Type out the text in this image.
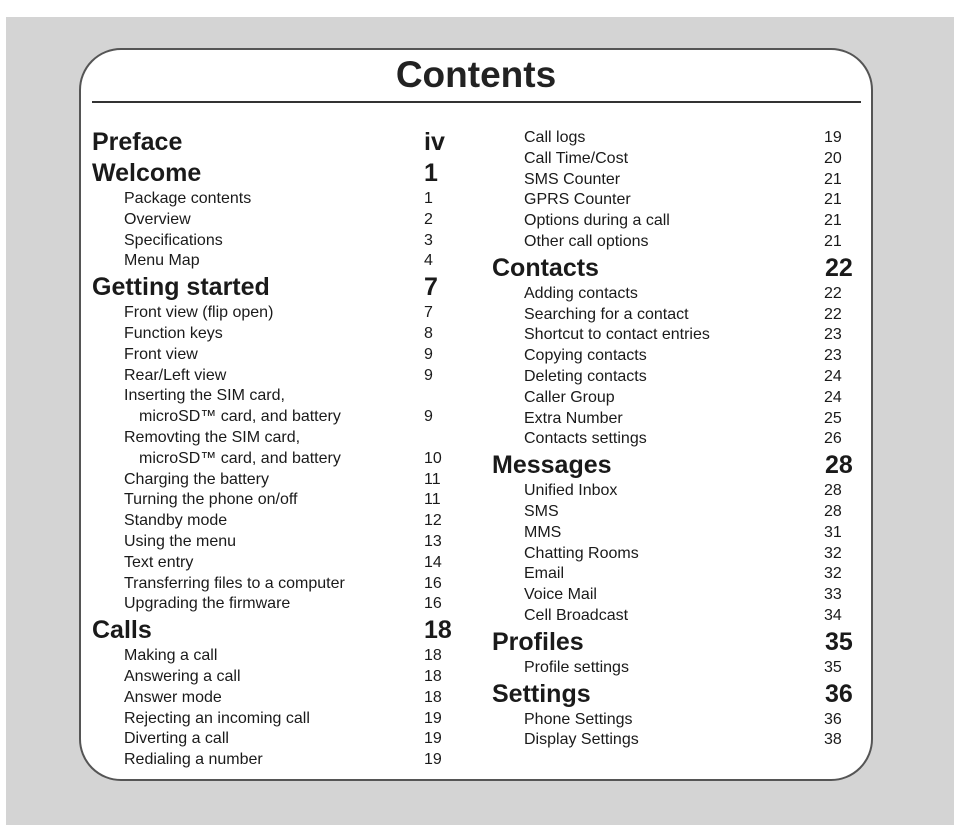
Contents
Preface	iv
Welcome	1
Package contents	1
Overview	2
Specifications	3
Menu Map	4
Getting started	7
Front view (flip open)	7
Function keys	8
Front view	9
Rear/Left view	9
Inserting the SIM card,
microSD™ card, and battery	9
Removting the SIM card,
microSD™ card, and battery	10
Charging the battery	11
Turning the phone on/off	11
Standby mode	12
Using the menu	13
Text entry	14
Transferring files to a computer	16
Upgrading the firmware	16
Calls	18
Making a call	18
Answering a call	18
Answer mode	18
Rejecting an incoming call	19
Diverting a call	19
Redialing a number	19
Call logs	19
Call Time/Cost	20
SMS Counter	21
GPRS Counter	21
Options during a call	21
Other call options	21
Contacts	22
Adding contacts	22
Searching for a contact	22
Shortcut to contact entries	23
Copying contacts	23
Deleting contacts	24
Caller Group	24
Extra Number	25
Contacts settings	26
Messages	28
Unified Inbox	28
SMS	28
MMS	31
Chatting Rooms	32
Email	32
Voice Mail	33
Cell Broadcast	34
Profiles	35
Profile settings	35
Settings	36
Phone Settings	36
Display Settings	38
